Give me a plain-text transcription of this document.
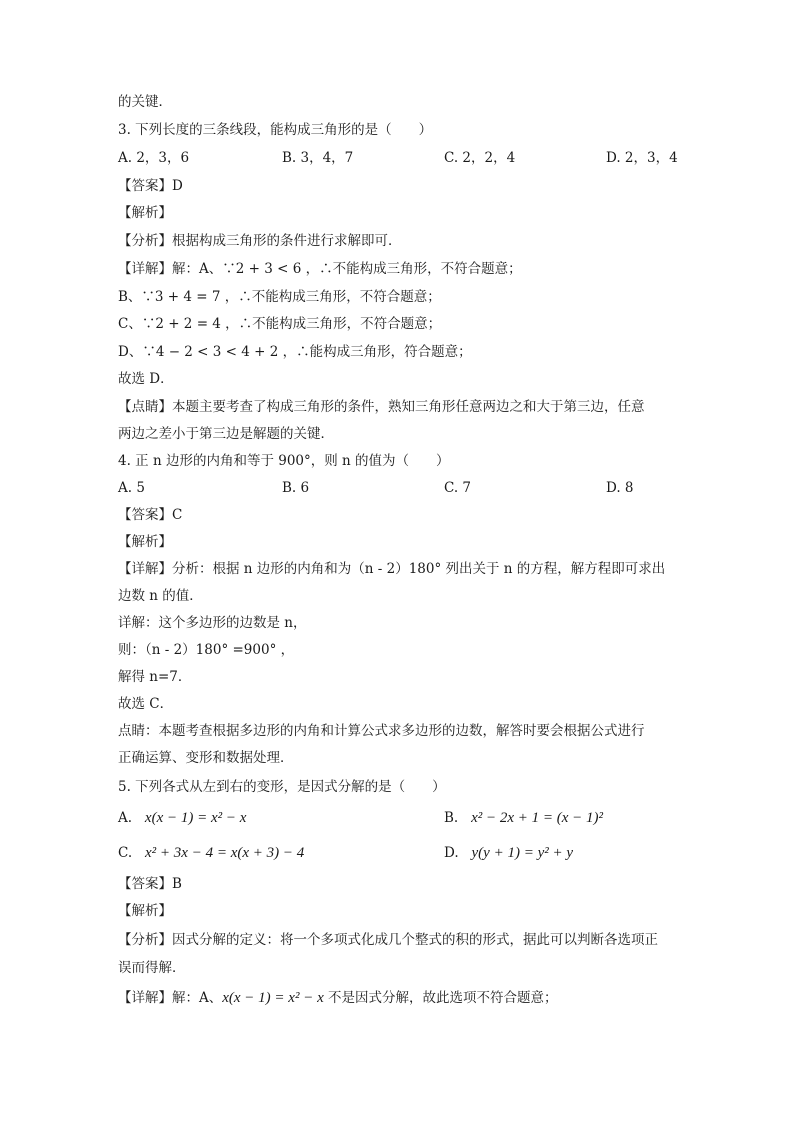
的关键．
3. 下列长度的三条线段，能构成三角形的是（　　）
A. 2，3，6	B. 3，4，7	C. 2，2，4	D. 2，3，4
【答案】D
【解析】
【分析】根据构成三角形的条件进行求解即可．
【详解】解：A、∵2 + 3 < 6 ，∴不能构成三角形，不符合题意；
B、∵3 + 4 = 7 ，∴不能构成三角形，不符合题意；
C、∵2 + 2 = 4 ，∴不能构成三角形，不符合题意；
D、∵4 − 2 < 3 < 4 + 2 ，∴能构成三角形，符合题意；
故选 D．
【点睛】本题主要考查了构成三角形的条件，熟知三角形任意两边之和大于第三边，任意
两边之差小于第三边是解题的关键．
4. 正 n 边形的内角和等于 900°，则 n 的值为（　　）
A. 5	B. 6	C. 7	D. 8
【答案】C
【解析】
【详解】分析：根据 n 边形的内角和为（n - 2）180° 列出关于 n 的方程，解方程即可求出
边数 n 的值．
详解：这个多边形的边数是 n，
则：（n - 2）180° =900° ，
解得 n=7．
故选 C．
点睛：本题考查根据多边形的内角和计算公式求多边形的边数，解答时要会根据公式进行
正确运算、变形和数据处理．
5. 下列各式从左到右的变形，是因式分解的是（　　）
A. x(x − 1) = x² − x	B. x² − 2x + 1 = (x − 1)²
C. x² + 3x − 4 = x(x + 3) − 4	D. y(y + 1) = y² + y
【答案】B
【解析】
【分析】因式分解的定义：将一个多项式化成几个整式的积的形式，据此可以判断各选项正
误而得解．
【详解】解：A、x(x − 1) = x² − x 不是因式分解，故此选项不符合题意；
